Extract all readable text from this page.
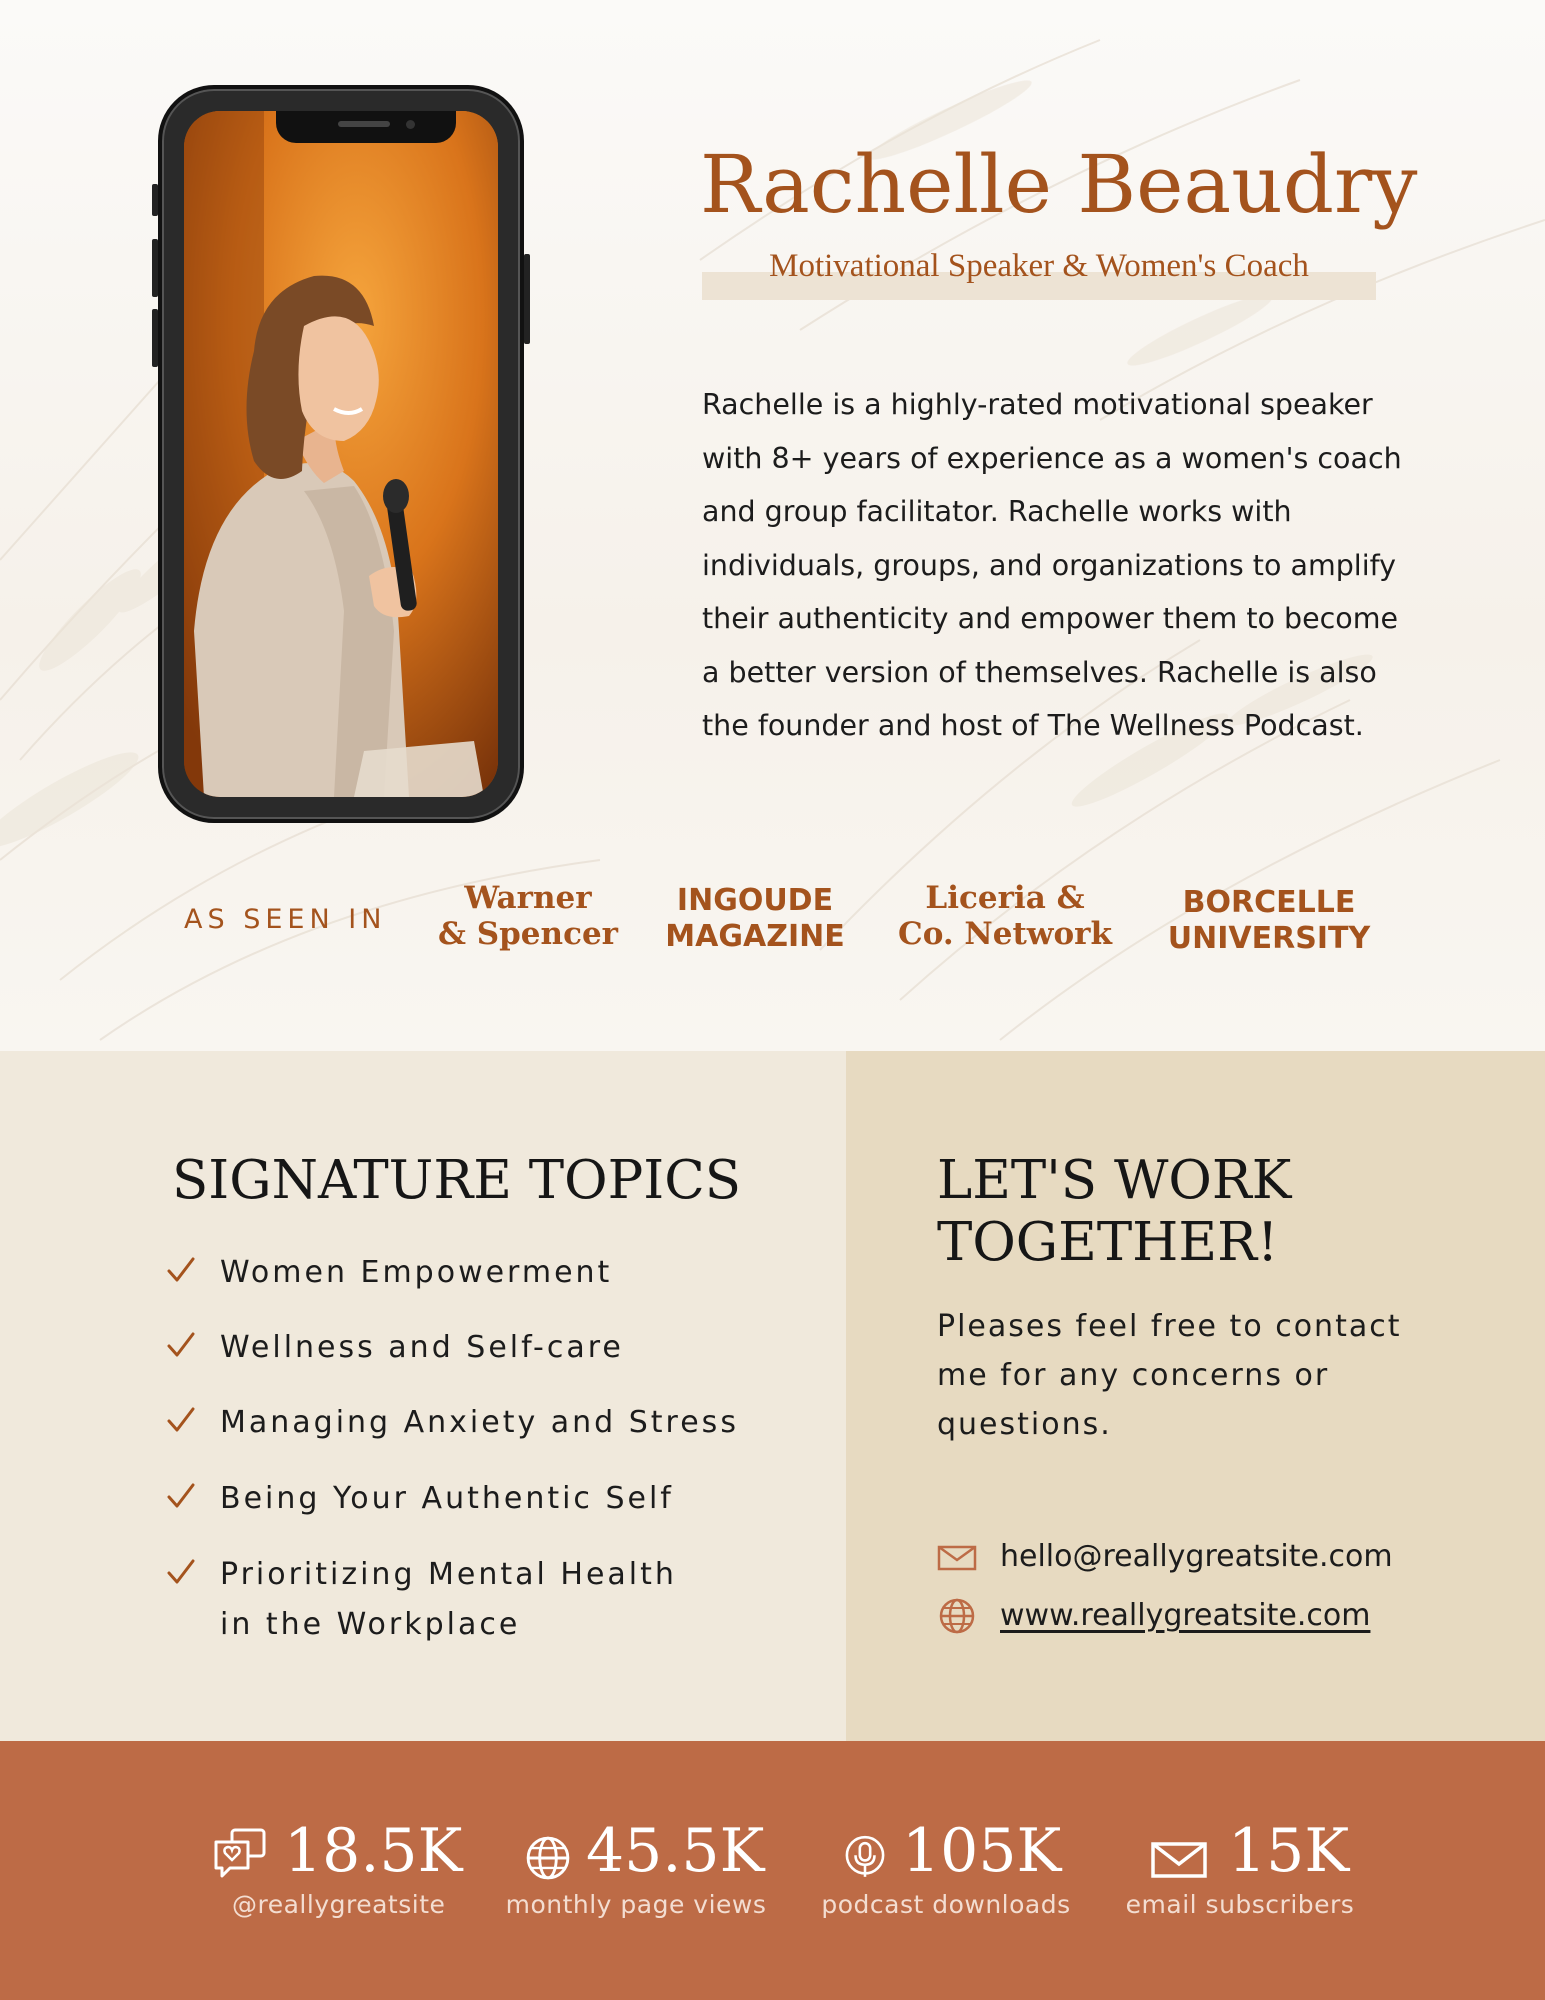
Rachelle Beaudry
Motivational Speaker & Women's Coach
Rachelle is a highly-rated motivational speaker with 8+ years of experience as a women's coach and group facilitator. Rachelle works with individuals, groups, and organizations to amplify their authenticity and empower them to become a better version of themselves. Rachelle is also the founder and host of The Wellness Podcast.
AS SEEN IN
Warner
& Spencer
INGOUDE
MAGAZINE
Liceria &
Co. Network
BORCELLE
UNIVERSITY
SIGNATURE TOPICS
Women Empowerment
Wellness and Self-care
Managing Anxiety and Stress
Being Your Authentic Self
Prioritizing Mental Health
in the Workplace
LET'S WORK
TOGETHER!
Pleases feel free to contact me for any concerns or questions.
hello@reallygreatsite.com
www.reallygreatsite.com
18.5K
@reallygreatsite
45.5K
monthly page views
105K
podcast downloads
15K
email subscribers
